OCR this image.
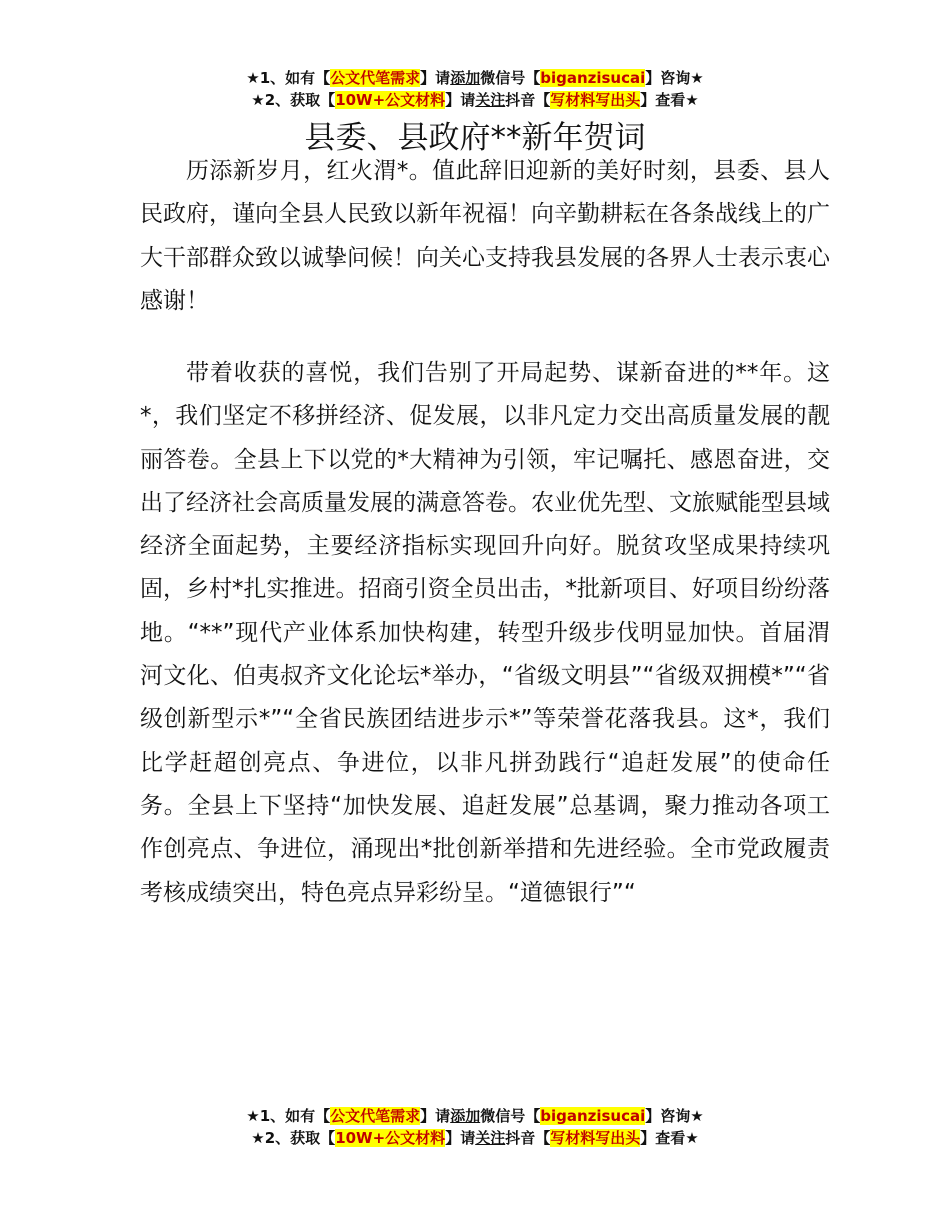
★1、如有【公文代笔需求】请添加微信号【biganzisucai】咨询★
★2、获取【10W+公文材料】请关注抖音【写材料写出头】查看★
县委、县政府**新年贺词

历添新岁月，红火渭*。值此辞旧迎新的美好时刻，县委、县人民政府，谨向全县人民致以新年祝福！向辛勤耕耘在各条战线上的广大干部群众致以诚挚问候！向关心支持我县发展的各界人士表示衷心感谢！

带着收获的喜悦，我们告别了开局起势、谋新奋进的**年。这*，我们坚定不移拼经济、促发展，以非凡定力交出高质量发展的靓丽答卷。全县上下以党的*大精神为引领，牢记嘱托、感恩奋进，交出了经济社会高质量发展的满意答卷。农业优先型、文旅赋能型县域经济全面起势，主要经济指标实现回升向好。脱贫攻坚成果持续巩固，乡村*扎实推进。招商引资全员出击，*批新项目、好项目纷纷落地。“**”现代产业体系加快构建，转型升级步伐明显加快。首届渭河文化、伯夷叔齐文化论坛*举办，“省级文明县”“省级双拥模*”“省级创新型示*”“全省民族团结进步示*”等荣誉花落我县。这*，我们比学赶超创亮点、争进位，以非凡拼劲践行“追赶发展”的使命任务。全县上下坚持“加快发展、追赶发展”总基调，聚力推动各项工作创亮点、争进位，涌现出*批创新举措和先进经验。全市党政履责考核成绩突出，特色亮点异彩纷呈。“道德银行”“

★1、如有【公文代笔需求】请添加微信号【biganzisucai】咨询★
★2、获取【10W+公文材料】请关注抖音【写材料写出头】查看★
